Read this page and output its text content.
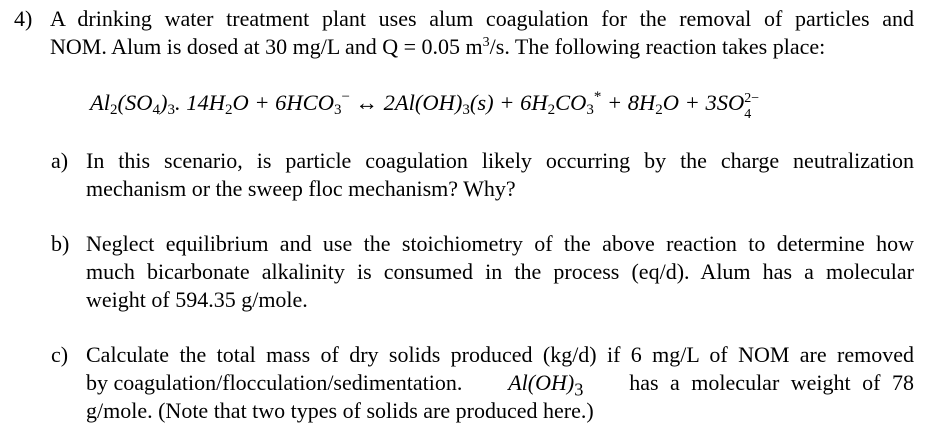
4) A drinking water treatment plant uses alum coagulation for the removal of particles and
NOM. Alum is dosed at 30 mg/L and Q = 0.05 $m^3/s$. The following reaction takes place:
$Al_2(SO_4)_3$. $14H_2O + 6HCO_3^-$ ↔ $2Al(OH)_3(s) + 6H_2CO_3^* + 8H_2O + 3SO$ 2−
4
a) In this scenario, is particle coagulation likely occurring by the charge neutralization
mechanism or the sweep floc mechanism? Why?
b) Neglect equilibrium and use the stoichiometry of the above reaction to determine how
much bicarbonate alkalinity is consumed in the process (eq/d). Alum has a molecular
weight of 594.35 g/mole.
c) Calculate the total mass of dry solids produced (kg/d) if 6 mg/L of NOM are removed
by coagulation/flocculation/sedimentation. $Al(OH)_3$ has a molecular weight of 78
g/mole. (Note that two types of solids are produced here.)
